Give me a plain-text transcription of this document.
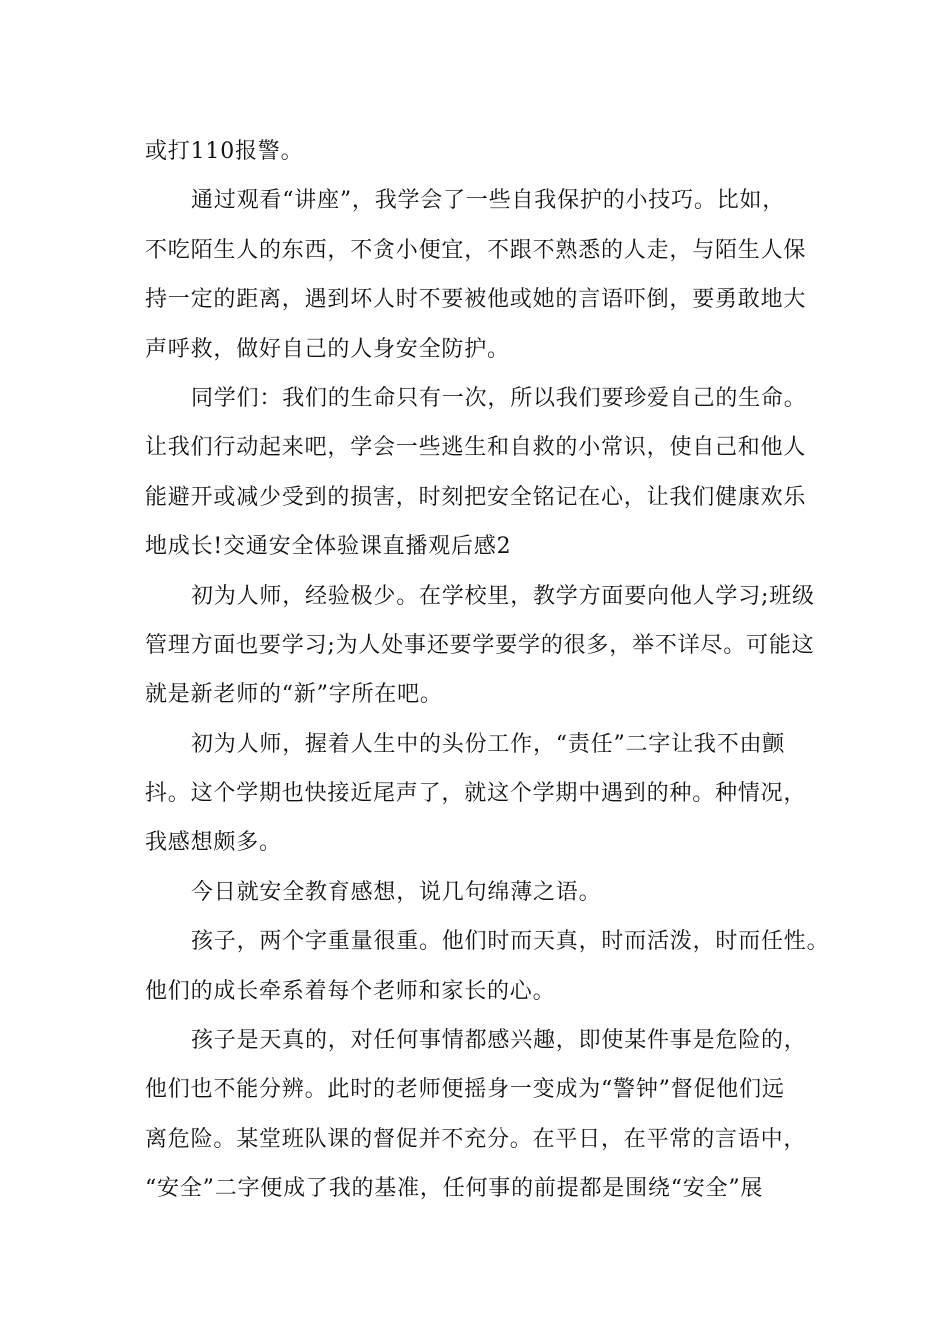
或打110报警。
通过观看“讲座”，我学会了一些自我保护的小技巧。比如，
不吃陌生人的东西，不贪小便宜，不跟不熟悉的人走，与陌生人保
持一定的距离，遇到坏人时不要被他或她的言语吓倒，要勇敢地大
声呼救，做好自己的人身安全防护。
同学们：我们的生命只有一次，所以我们要珍爱自己的生命。
让我们行动起来吧，学会一些逃生和自救的小常识，使自己和他人
能避开或减少受到的损害，时刻把安全铭记在心，让我们健康欢乐
地成长!交通安全体验课直播观后感2
初为人师，经验极少。在学校里，教学方面要向他人学习;班级
管理方面也要学习;为人处事还要学要学的很多，举不详尽。可能这
就是新老师的“新”字所在吧。
初为人师，握着人生中的头份工作，“责任”二字让我不由颤
抖。这个学期也快接近尾声了，就这个学期中遇到的种。种情况，
我感想颇多。
今日就安全教育感想，说几句绵薄之语。
孩子，两个字重量很重。他们时而天真，时而活泼，时而任性。
他们的成长牵系着每个老师和家长的心。
孩子是天真的，对任何事情都感兴趣，即使某件事是危险的，
他们也不能分辨。此时的老师便摇身一变成为“警钟”督促他们远
离危险。某堂班队课的督促并不充分。在平日，在平常的言语中，
“安全”二字便成了我的基准，任何事的前提都是围绕“安全”展
